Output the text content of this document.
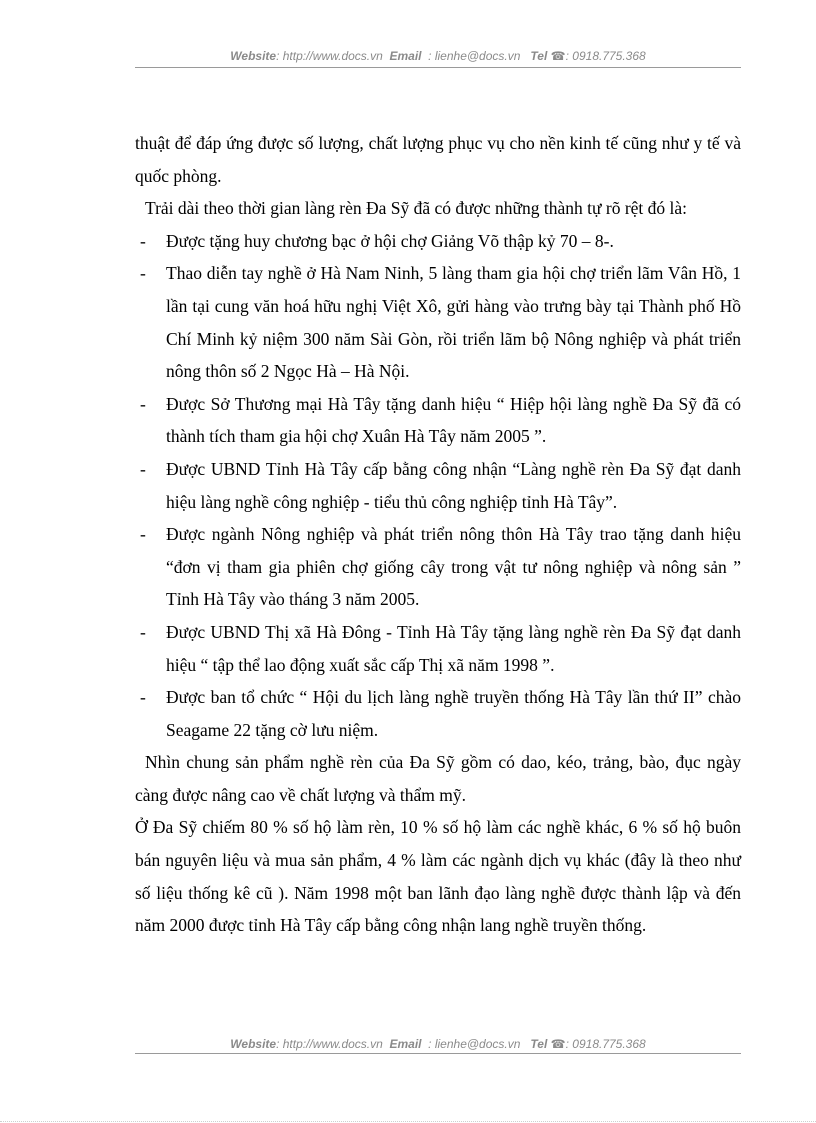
Website: http://www.docs.vn Email : lienhe@docs.vn Tel ☎: 0918.775.368
thuật để đáp ứng được số lượng, chất lượng phục vụ cho nền kinh tế cũng như y tế và quốc phòng.
Trải dài theo thời gian làng rèn Đa Sỹ đã có được những thành tự rõ rệt đó là:
- Được tặng huy chương bạc ở hội chợ Giảng Võ thập kỷ 70 – 8-.
- Thao diễn tay nghề ở Hà Nam Ninh, 5 làng tham gia hội chợ triển lãm Vân Hồ, 1 lần tại cung văn hoá hữu nghị Việt Xô, gửi hàng vào trưng bày tại Thành phố Hồ Chí Minh kỷ niệm 300 năm Sài Gòn, rồi triển lãm bộ Nông nghiệp và phát triển nông thôn số 2 Ngọc Hà – Hà Nội.
- Được Sở Thương mại Hà Tây tặng danh hiệu “ Hiệp hội làng nghề Đa Sỹ đã có thành tích tham gia hội chợ Xuân Hà Tây năm 2005 ”.
- Được UBND Tỉnh Hà Tây cấp bằng công nhận “Làng nghề rèn Đa Sỹ đạt danh hiệu làng nghề công nghiệp - tiểu thủ công nghiệp tỉnh Hà Tây”.
- Được ngành Nông nghiệp và phát triển nông thôn Hà Tây trao tặng danh hiệu “đơn vị tham gia phiên chợ giống cây trong vật tư nông nghiệp và nông sản ” Tỉnh Hà Tây vào tháng 3 năm 2005.
- Được UBND Thị xã Hà Đông - Tỉnh Hà Tây tặng làng nghề rèn Đa Sỹ đạt danh hiệu “ tập thể lao động xuất sắc cấp Thị xã năm 1998 ”.
- Được ban tổ chức “ Hội du lịch làng nghề truyền thống Hà Tây lần thứ II” chào Seagame 22 tặng cờ lưu niệm.
Nhìn chung sản phẩm nghề rèn của Đa Sỹ gồm có dao, kéo, trảng, bào, đục ngày càng được nâng cao về chất lượng và thẩm mỹ.
Ở Đa Sỹ chiếm 80 % số hộ làm rèn, 10 % số hộ làm các nghề khác, 6 % số hộ buôn bán nguyên liệu và mua sản phẩm, 4 % làm các ngành dịch vụ khác (đây là theo như số liệu thống kê cũ ). Năm 1998 một ban lãnh đạo làng nghề được thành lập và đến năm 2000 được tỉnh Hà Tây cấp bằng công nhận lang nghề truyền thống.
Website: http://www.docs.vn Email : lienhe@docs.vn Tel ☎: 0918.775.368
